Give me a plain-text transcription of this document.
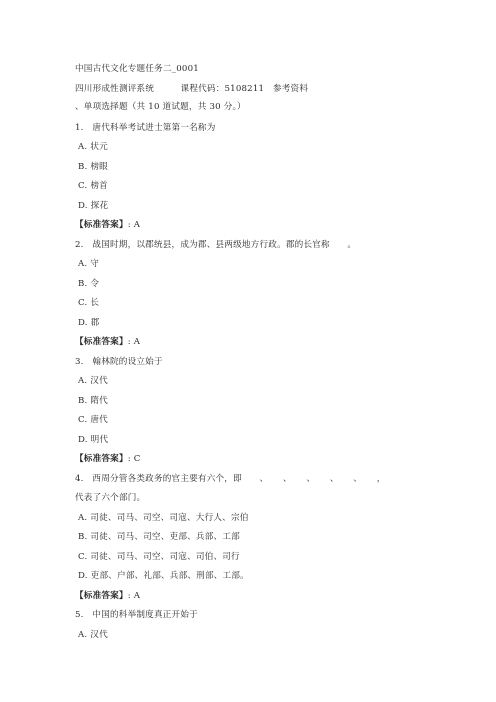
中国古代文化专题任务二_0001
四川形成性测评系统         课程代码：5108211   参考资料
、单项选择题（共 10 道试题，共 30 分。）
1.   唐代科举考试进士第第一名称为
A. 状元
B. 榜眼
C. 榜首
D. 探花
【标准答案】: A
2.   战国时期，以郡统县，成为郡、县两级地方行政。郡的长官称      。
A. 守
B. 令
C. 长
D. 郡
【标准答案】: A
3.   翰林院的设立始于
A. 汉代
B. 隋代
C. 唐代
D. 明代
【标准答案】: C
4.   西周分管各类政务的官主要有六个，即      、     、     、     、     、     ，
代表了六个部门。
A. 司徒、司马、司空、司寇、大行人、宗伯
B. 司徒、司马、司空、吏部、兵部、工部
C. 司徒、司马、司空、司寇、司伯、司行
D. 吏部、户部、礼部、兵部、刑部、工部。
【标准答案】: A
5.   中国的科举制度真正开始于
A. 汉代
